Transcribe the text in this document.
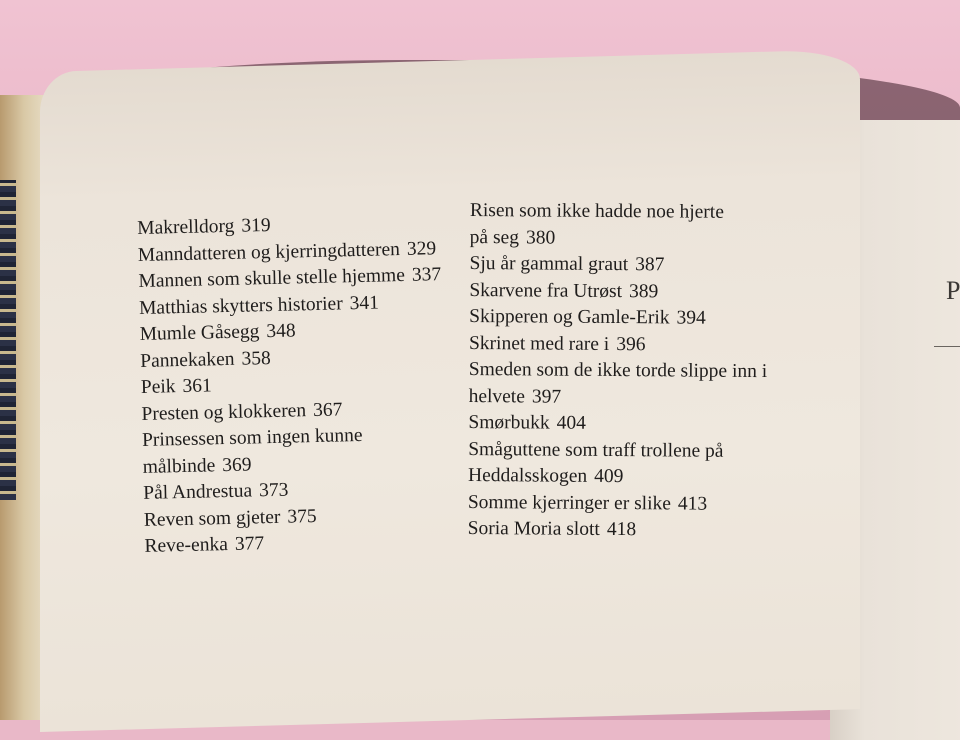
P
Makrelldorg 319
Manndatteren og kjerringdatteren 329
Mannen som skulle stelle hjemme 337
Matthias skytters historier 341
Mumle Gåsegg 348
Pannekaken 358
Peik 361
Presten og klokkeren 367
Prinsessen som ingen kunne
målbinde 369
Pål Andrestua 373
Reven som gjeter 375
Reve-enka 377
Risen som ikke hadde noe hjerte
på seg 380
Sju år gammal graut 387
Skarvene fra Utrøst 389
Skipperen og Gamle-Erik 394
Skrinet med rare i 396
Smeden som de ikke torde slippe inn i
helvete 397
Smørbukk 404
Småguttene som traff trollene på
Heddalsskogen 409
Somme kjerringer er slike 413
Soria Moria slott 418
